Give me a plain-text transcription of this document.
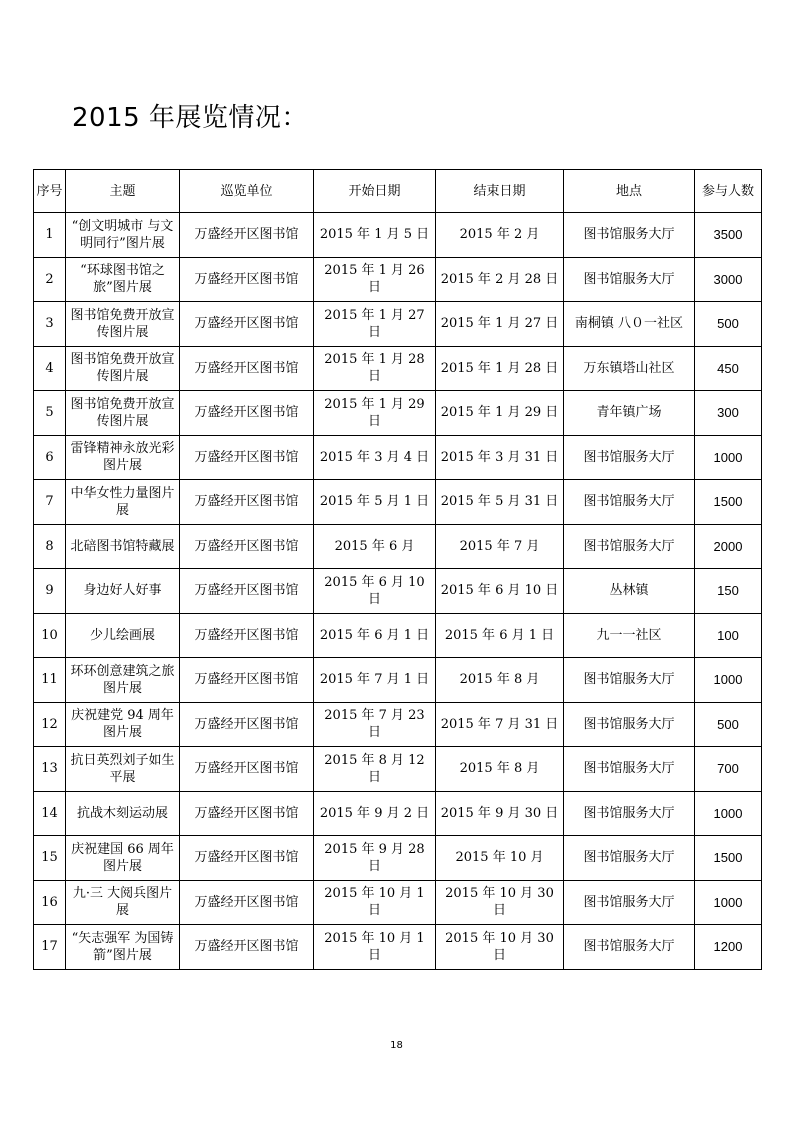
2015 年展览情况：
序号	主题	巡览单位	开始日期	结束日期	地点	参与人数
1	“创文明城市 与文明同行”图片展	万盛经开区图书馆	2015 年 1 月 5 日	2015 年 2 月	图书馆服务大厅	3500
2	“环球图书馆之旅”图片展	万盛经开区图书馆	2015 年 1 月 26 日	2015 年 2 月 28 日	图书馆服务大厅	3000
3	图书馆免费开放宣传图片展	万盛经开区图书馆	2015 年 1 月 27 日	2015 年 1 月 27 日	南桐镇 八０一社区	500
4	图书馆免费开放宣传图片展	万盛经开区图书馆	2015 年 1 月 28 日	2015 年 1 月 28 日	万东镇塔山社区	450
5	图书馆免费开放宣传图片展	万盛经开区图书馆	2015 年 1 月 29 日	2015 年 1 月 29 日	青年镇广场	300
6	雷锋精神永放光彩图片展	万盛经开区图书馆	2015 年 3 月 4 日	2015 年 3 月 31 日	图书馆服务大厅	1000
7	中华女性力量图片展	万盛经开区图书馆	2015 年 5 月 1 日	2015 年 5 月 31 日	图书馆服务大厅	1500
8	北碚图书馆特藏展	万盛经开区图书馆	2015 年 6 月	2015 年 7 月	图书馆服务大厅	2000
9	身边好人好事	万盛经开区图书馆	2015 年 6 月 10 日	2015 年 6 月 10 日	丛林镇	150
10	少儿绘画展	万盛经开区图书馆	2015 年 6 月 1 日	2015 年 6 月 1 日	九一一社区	100
11	环环创意建筑之旅图片展	万盛经开区图书馆	2015 年 7 月 1 日	2015 年 8 月	图书馆服务大厅	1000
12	庆祝建党 94 周年图片展	万盛经开区图书馆	2015 年 7 月 23 日	2015 年 7 月 31 日	图书馆服务大厅	500
13	抗日英烈刘子如生平展	万盛经开区图书馆	2015 年 8 月 12 日	2015 年 8 月	图书馆服务大厅	700
14	抗战木刻运动展	万盛经开区图书馆	2015 年 9 月 2 日	2015 年 9 月 30 日	图书馆服务大厅	1000
15	庆祝建国 66 周年图片展	万盛经开区图书馆	2015 年 9 月 28 日	2015 年 10 月	图书馆服务大厅	1500
16	九·三 大阅兵图片展	万盛经开区图书馆	2015 年 10 月 1 日	2015 年 10 月 30 日	图书馆服务大厅	1000
17	“矢志强军 为国铸箭”图片展	万盛经开区图书馆	2015 年 10 月 1 日	2015 年 10 月 30 日	图书馆服务大厅	1200
18
